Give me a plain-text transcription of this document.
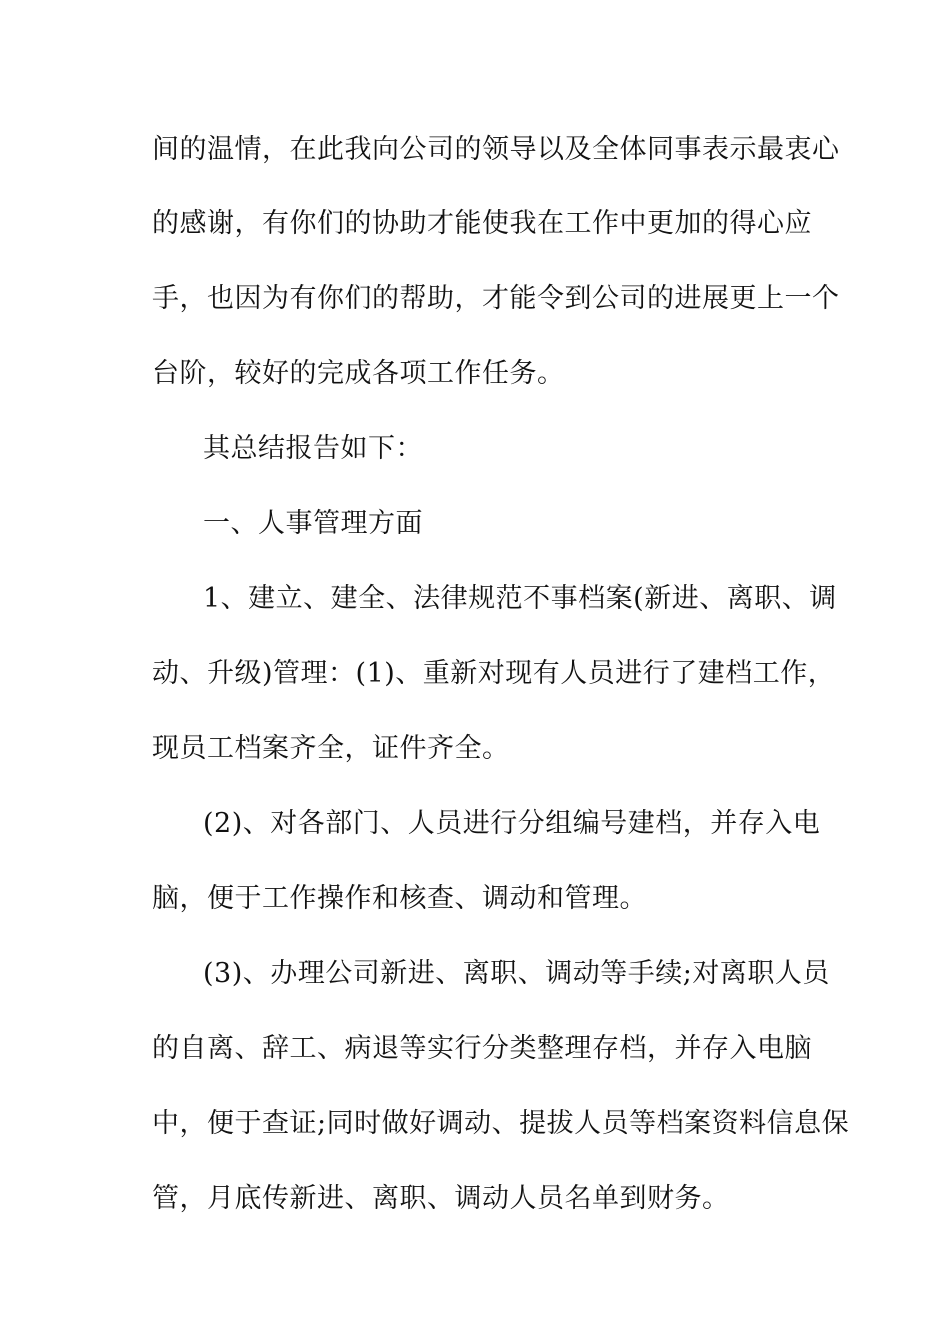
间的温情，在此我向公司的领导以及全体同事表示最衷心
的感谢，有你们的协助才能使我在工作中更加的得心应
手，也因为有你们的帮助，才能令到公司的进展更上一个
台阶，较好的完成各项工作任务。
其总结报告如下：
一、人事管理方面
1、建立、建全、法律规范不事档案(新进、离职、调
动、升级)管理：(1)、重新对现有人员进行了建档工作，
现员工档案齐全，证件齐全。
(2)、对各部门、人员进行分组编号建档，并存入电
脑，便于工作操作和核查、调动和管理。
(3)、办理公司新进、离职、调动等手续;对离职人员
的自离、辞工、病退等实行分类整理存档，并存入电脑
中，便于查证;同时做好调动、提拔人员等档案资料信息保
管，月底传新进、离职、调动人员名单到财务。
